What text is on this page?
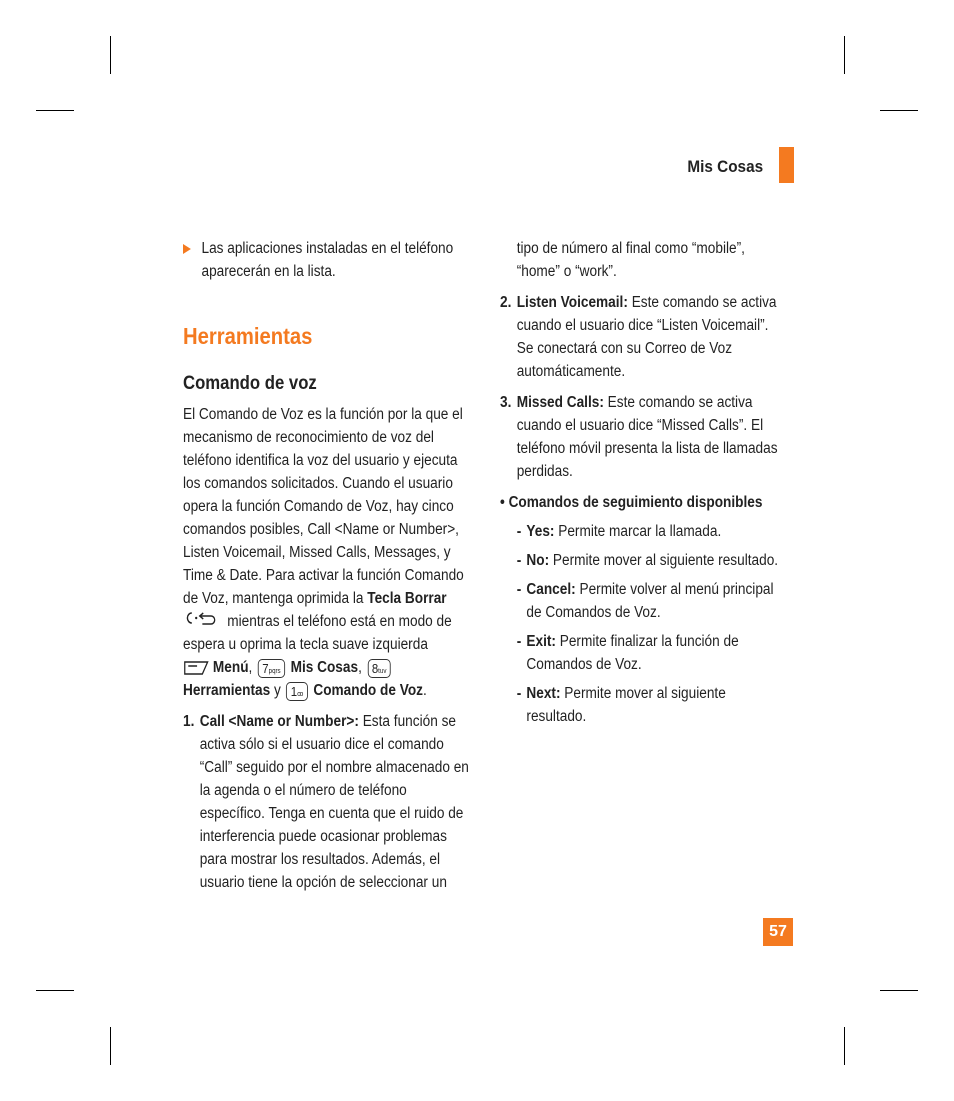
Mis Cosas
57
Las aplicaciones instaladas en el teléfono aparecerán en la lista.
Herramientas
Comando de voz

El Comando de Voz es la función por la que el mecanismo de reconocimiento de voz del teléfono identifica la voz del usuario y ejecuta los comandos solicitados. Cuando el usuario opera la función Comando de Voz, hay cinco comandos posibles, Call <Name or Number>, Listen Voicemail, Missed Calls, Messages, y Time & Date. Para activar la función Comando de Voz, mantenga oprimida la Tecla Borrar
mientras el teléfono está en modo de espera u oprima la tecla suave izquierda
Menú, 7pqrs Mis Cosas, 8tuv
Herramientas y 1ꝏ Comando de Voz.

1. Call <Name or Number>: Esta función se activa sólo si el usuario dice el comando “Call” seguido por el nombre almacenado en la agenda o el número de teléfono específico. Tenga en cuenta que el ruido de interferencia puede ocasionar problemas para mostrar los resultados. Además, el usuario tiene la opción de seleccionar un

tipo de número al final como “mobile”, “home” o “work”.

2. Listen Voicemail: Este comando se activa cuando el usuario dice “Listen Voicemail”. Se conectará con su Correo de Voz automáticamente.
3. Missed Calls: Este comando se activa cuando el usuario dice “Missed Calls”. El teléfono móvil presenta la lista de llamadas perdidas.
• Comandos de seguimiento disponibles
- Yes: Permite marcar la llamada.
- No: Permite mover al siguiente resultado.
- Cancel: Permite volver al menú principal de Comandos de Voz.
- Exit: Permite finalizar la función de Comandos de Voz.
- Next: Permite mover al siguiente resultado.
